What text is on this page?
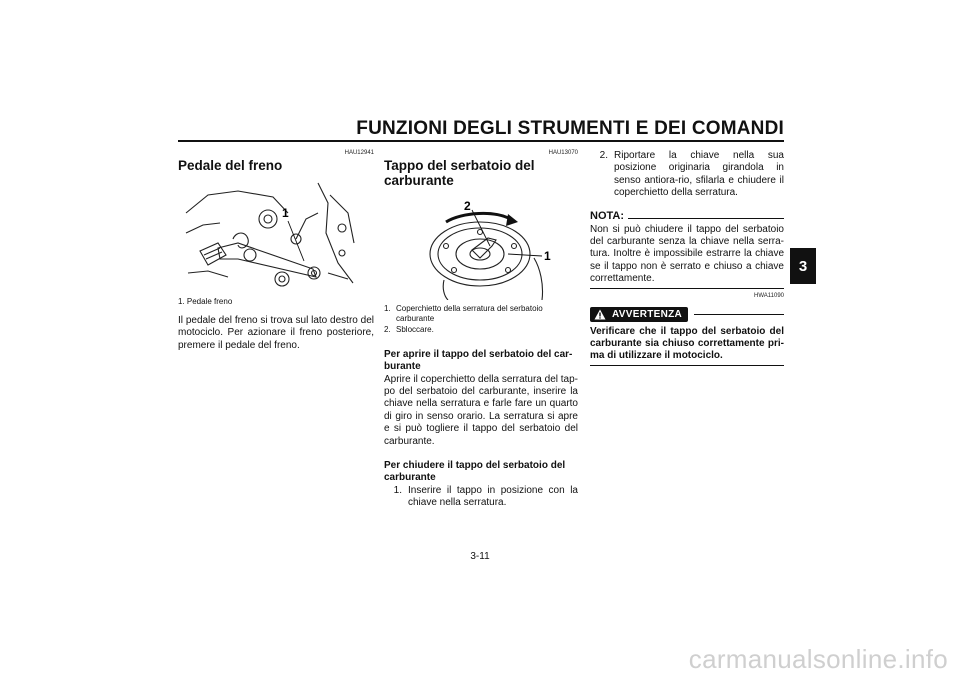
FUNZIONI DEGLI STRUMENTI E DEI COMANDI
3
HAU12941
Pedale del freno
1

1. Pedale freno

Il pedale del freno si trova sul lato destro del motociclo. Per azionare il freno posteriore, premere il pedale del freno.

HAU13070
Tappo del serbatoio del
carburante
2
1
1. Coperchietto della serratura del serbatoio carburante
2. Sbloccare.

Per aprire il tappo del serbatoio del car-burante

Aprire il coperchietto della serratura del tap-po del serbatoio del carburante, inserire la chiave nella serratura e farle fare un quarto di giro in senso orario. La serratura si apre e si può togliere il tappo del serbatoio del carburante.

Per chiudere il tappo del serbatoio del carburante

1. Inserire il tappo in posizione con la chiave nella serratura.
2. Riportare la chiave nella sua posizione originaria girandola in senso antiora-rio, sfilarla e chiudere il coperchietto della serratura.
NOTA:

Non si può chiudere il tappo del serbatoio del carburante senza la chiave nella serra-tura. Inoltre è impossibile estrarre la chiave se il tappo non è serrato e chiuso a chiave correttamente.

HWA11090
AVVERTENZA

Verificare che il tappo del serbatoio del carburante sia chiuso correttamente pri-ma di utilizzare il motociclo.

3-11
carmanualsonline.info
